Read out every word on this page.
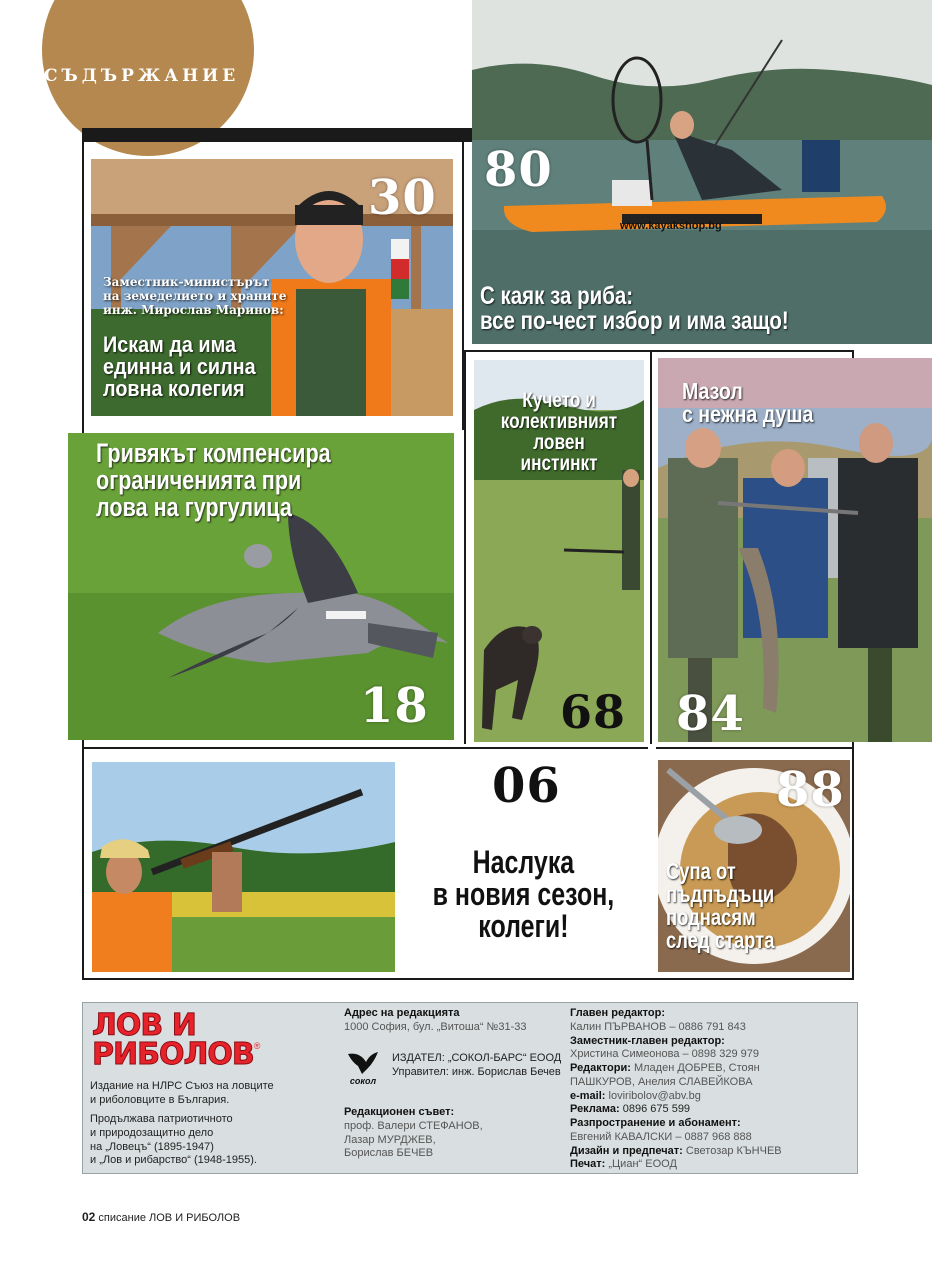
СЪДЪРЖАНИЕ
30
Заместник-министърът
на земеделието и храните
инж. Мирослав Маринов:
Искам да има
единна и силна
ловна колегия
www.kayakshop.bg
80
С каяк за риба:
все по-чест избор и има защо!
Гривякът компенсира
ограниченията при
лова на гургулица
18
Кучето и
колективният
ловен
инстинкт
68
Мазол
с нежна душа
84
06
Наслука
в новия сезон,
колеги!
88
Супа от
пъдпъдъци
поднасям
след старта
ЛОВ И
РИБОЛОВ ®
Издание на НЛРС Съюз на ловците
и риболовците в България.
Продължава патриотичното
и природозащитно дело
на „Ловецъ“ (1895-1947)
и „Лов и рибарство“ (1948-1955).
Адрес на редакцията
1000 София, бул. „Витоша“ №31-33
сокол
ИЗДАТЕЛ: „СОКОЛ-БАРС“ ЕООД
Управител: инж. Борислав Бечев
Редакционен съвет:
проф. Валери СТЕФАНОВ,
Лазар МУРДЖЕВ,
Борислав БЕЧЕВ
Главен редактор:
Калин ПЪРВАНОВ – 0886 791 843
Заместник-главен редактор:
Христина Симеонова – 0898 329 979
Редактори: Младен ДОБРЕВ, Стоян
ПАШКУРОВ, Анелия СЛАВЕЙКОВА
e-mail: loviribolov@abv.bg
Реклама: 0896 675 599
Разпространение и абонамент:
Евгений КАВАЛСКИ – 0887 968 888
Дизайн и предпечат: Светозар КЪНЧЕВ
Печат: „Циан“ ЕООД
02 списание ЛОВ И РИБОЛОВ
